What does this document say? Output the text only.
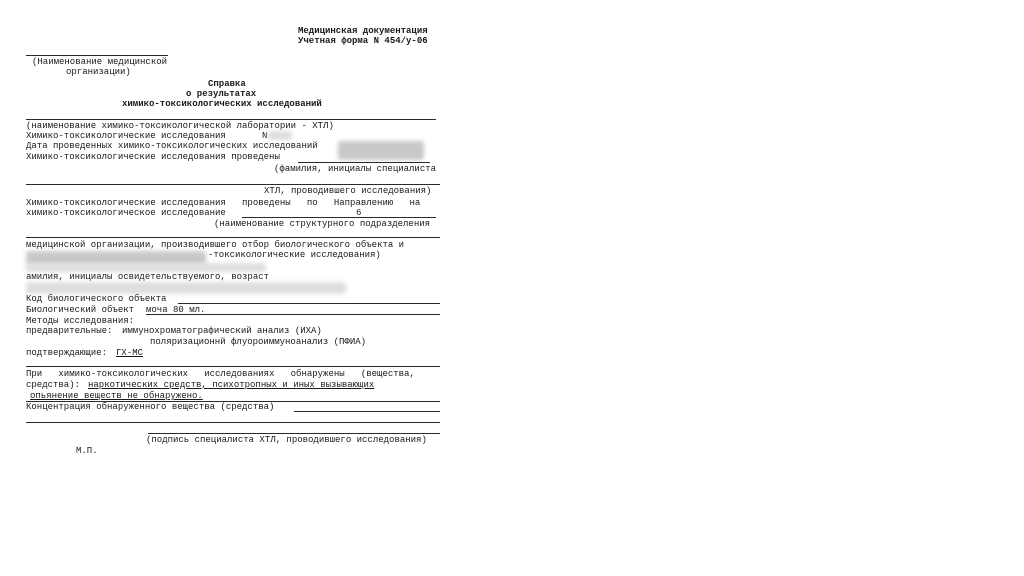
Медицинская документация
Учетная форма N 454/у-06
(Наименование медицинской
организации)
Справка
о результатах
химико-токсикологических исследований
(наименование химико-токсикологической лаборатории - ХТЛ)
Химико-токсикологические исследования	N
Дата проведенных химико-токсикологических исследований
Химико-токсикологические исследования проведены
(фамилия, инициалы специалиста
ХТЛ, проводившего исследования)
Химико-токсикологические исследования   проведены   по   Направлению   на
химико-токсикологическое исследование	6
(наименование структурного подразделения
медицинской организации, производившего отбор биологического объекта и
-токсикологические исследования)
амилия, инициалы освидетельствуемого, возраст
Код биологического объекта
Биологический объект моча 80 мл.
Методы исследования:
предварительные: иммунохроматографический анализ (ИХА)
поляризационнй флуороиммуноанализ (ПФИА)
подтверждающие: ГХ-МС
При   химико-токсикологических   исследованиях   обнаружены   (вещества,
средства): наркотических средств, психотропных и иных вызывающих
опьянение веществ не обнаружено.
Концентрация обнаруженного вещества (средства)
(подпись специалиста ХТЛ, проводившего исследования)
М.П.
